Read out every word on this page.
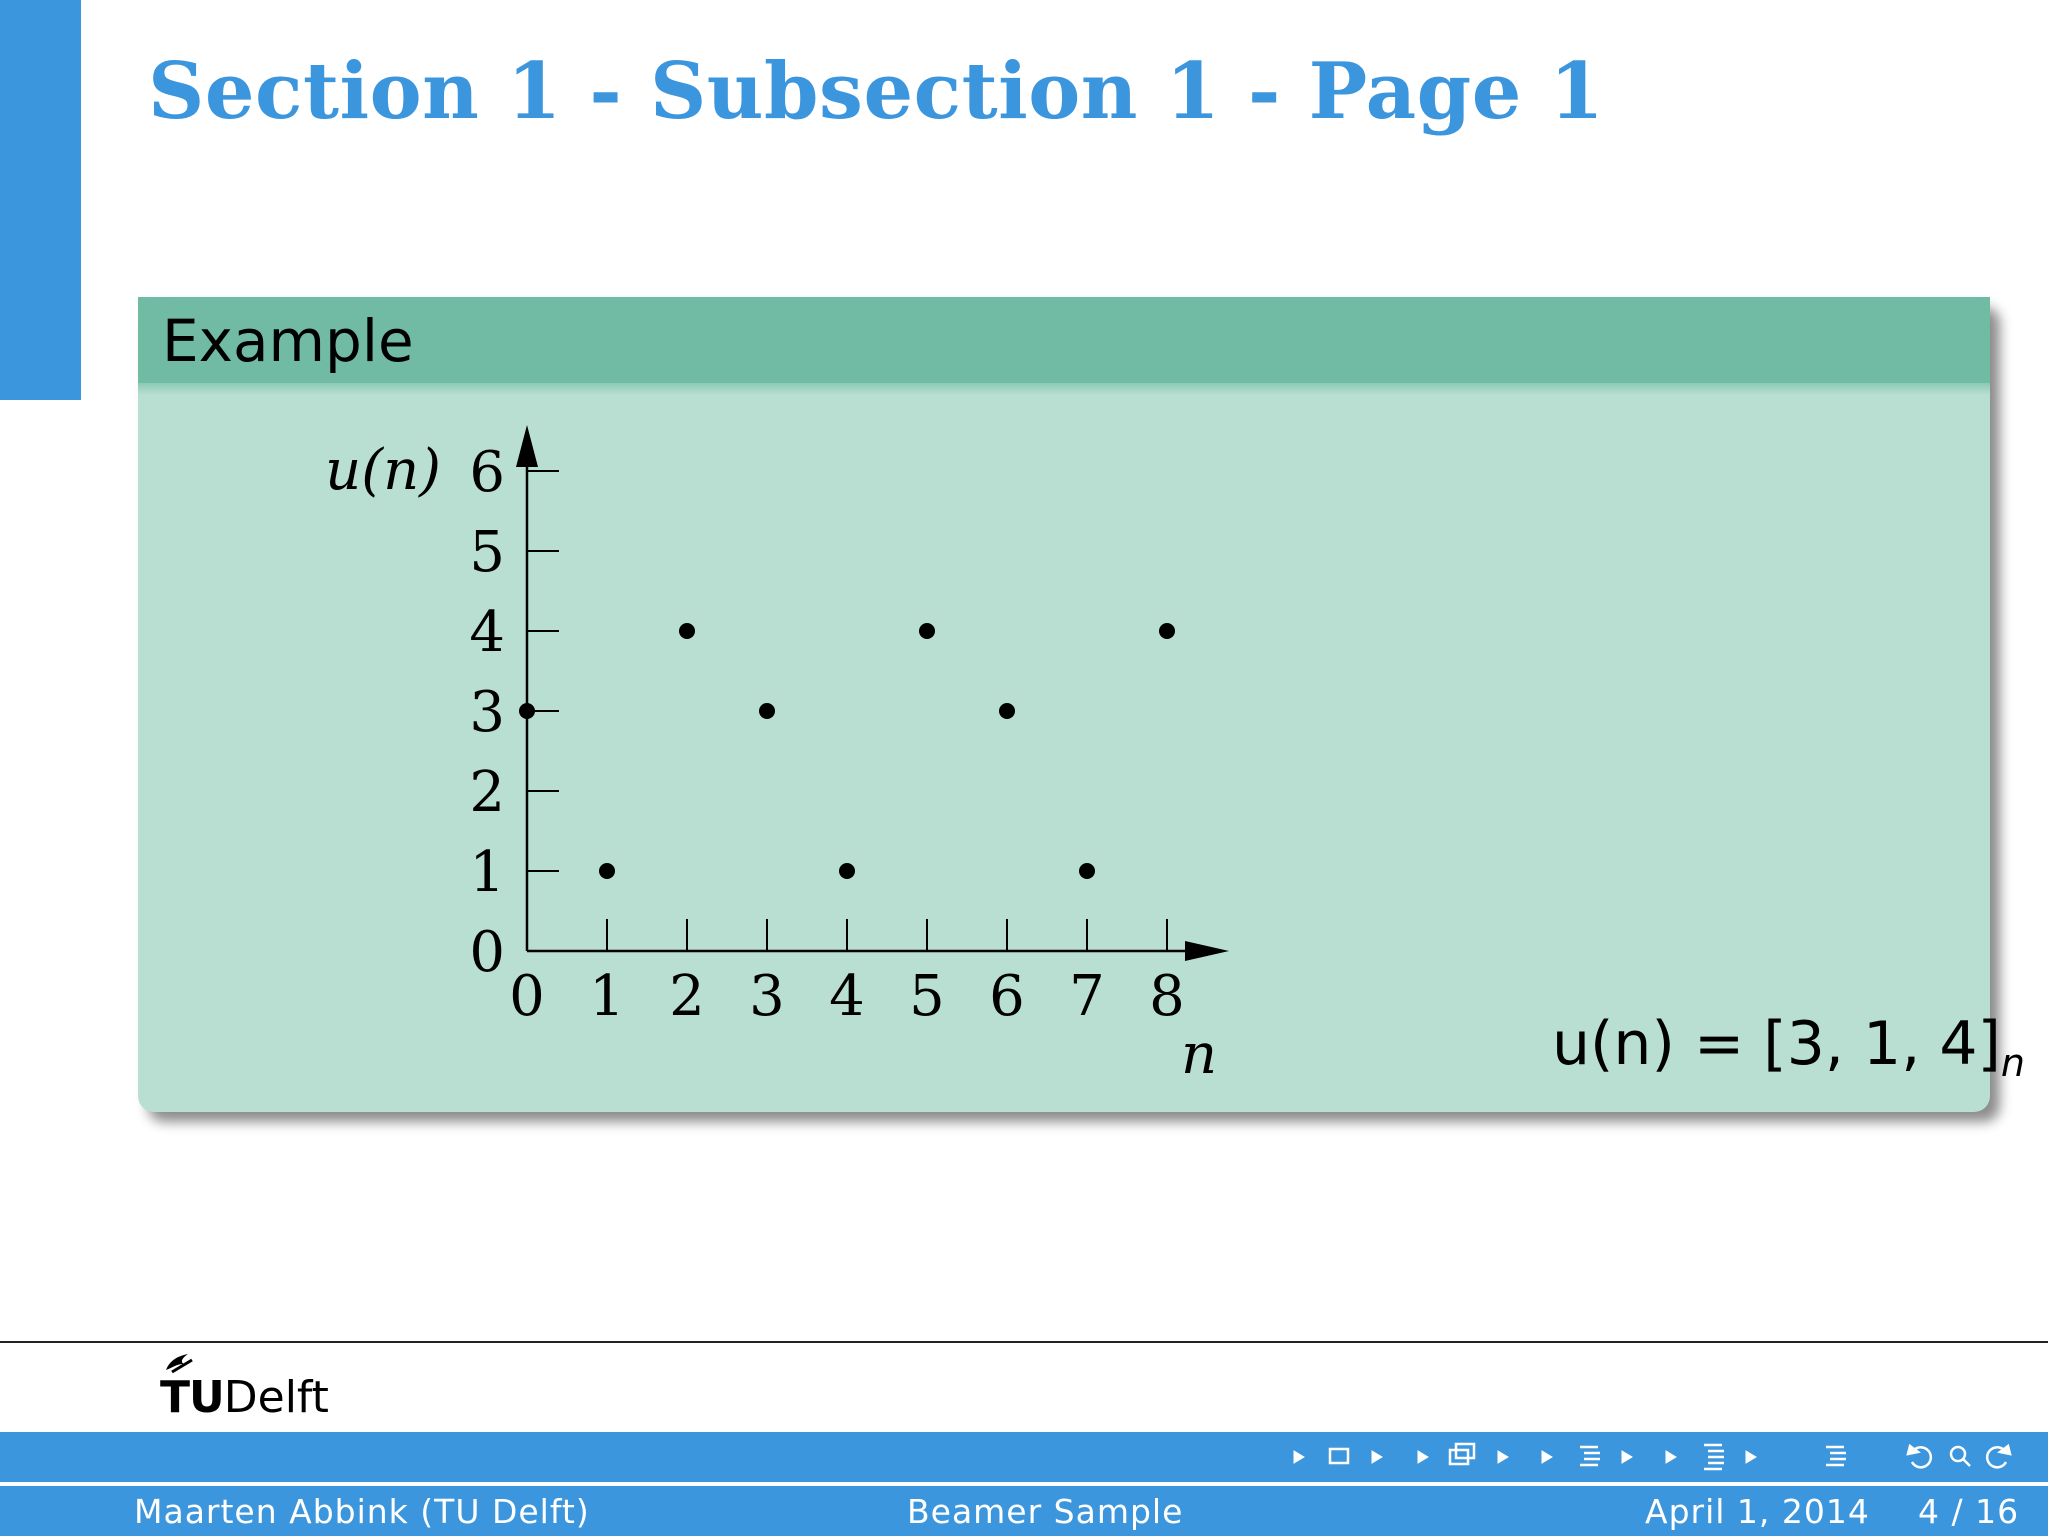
Section 1 - Subsection 1 - Page 1
Example
0 1 2 3 4 5 6 7 8
0
1
2
3
4
5
6
n
u(n)
u(n) = [3, 1, $4]_n$
TUDelft
Maarten Abbink (TU Delft)	Beamer Sample	April 1, 2014 4 / 16
